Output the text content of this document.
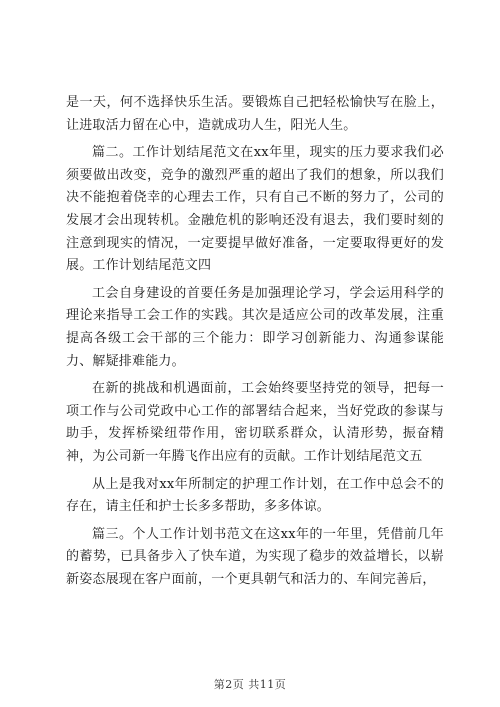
是一天，何不选择快乐生活。要锻炼自己把轻松愉快写在脸上，让进取活力留在心中，造就成功人生，阳光人生。

篇二。工作计划结尾范文在xx年里，现实的压力要求我们必须要做出改变，竞争的激烈严重的超出了我们的想象，所以我们决不能抱着侥幸的心理去工作，只有自己不断的努力了，公司的发展才会出现转机。金融危机的影响还没有退去，我们要时刻的注意到现实的情况，一定要提早做好准备，一定要取得更好的发展。工作计划结尾范文四

工会自身建设的首要任务是加强理论学习，学会运用科学的理论来指导工会工作的实践。其次是适应公司的改革发展，注重提高各级工会干部的三个能力：即学习创新能力、沟通参谋能力、解疑排难能力。

在新的挑战和机遇面前，工会始终要坚持党的领导，把每一项工作与公司党政中心工作的部署结合起来，当好党政的参谋与助手，发挥桥梁纽带作用，密切联系群众，认清形势，振奋精神，为公司新一年腾飞作出应有的贡献。工作计划结尾范文五

从上是我对xx年所制定的护理工作计划，在工作中总会不的存在，请主任和护士长多多帮助，多多体谅。

篇三。个人工作计划书范文在这xx年的一年里，凭借前几年的蓄势，已具备步入了快车道，为实现了稳步的效益增长，以崭新姿态展现在客户面前，一个更具朝气和活力的、车间完善后，

第2页 共11页
